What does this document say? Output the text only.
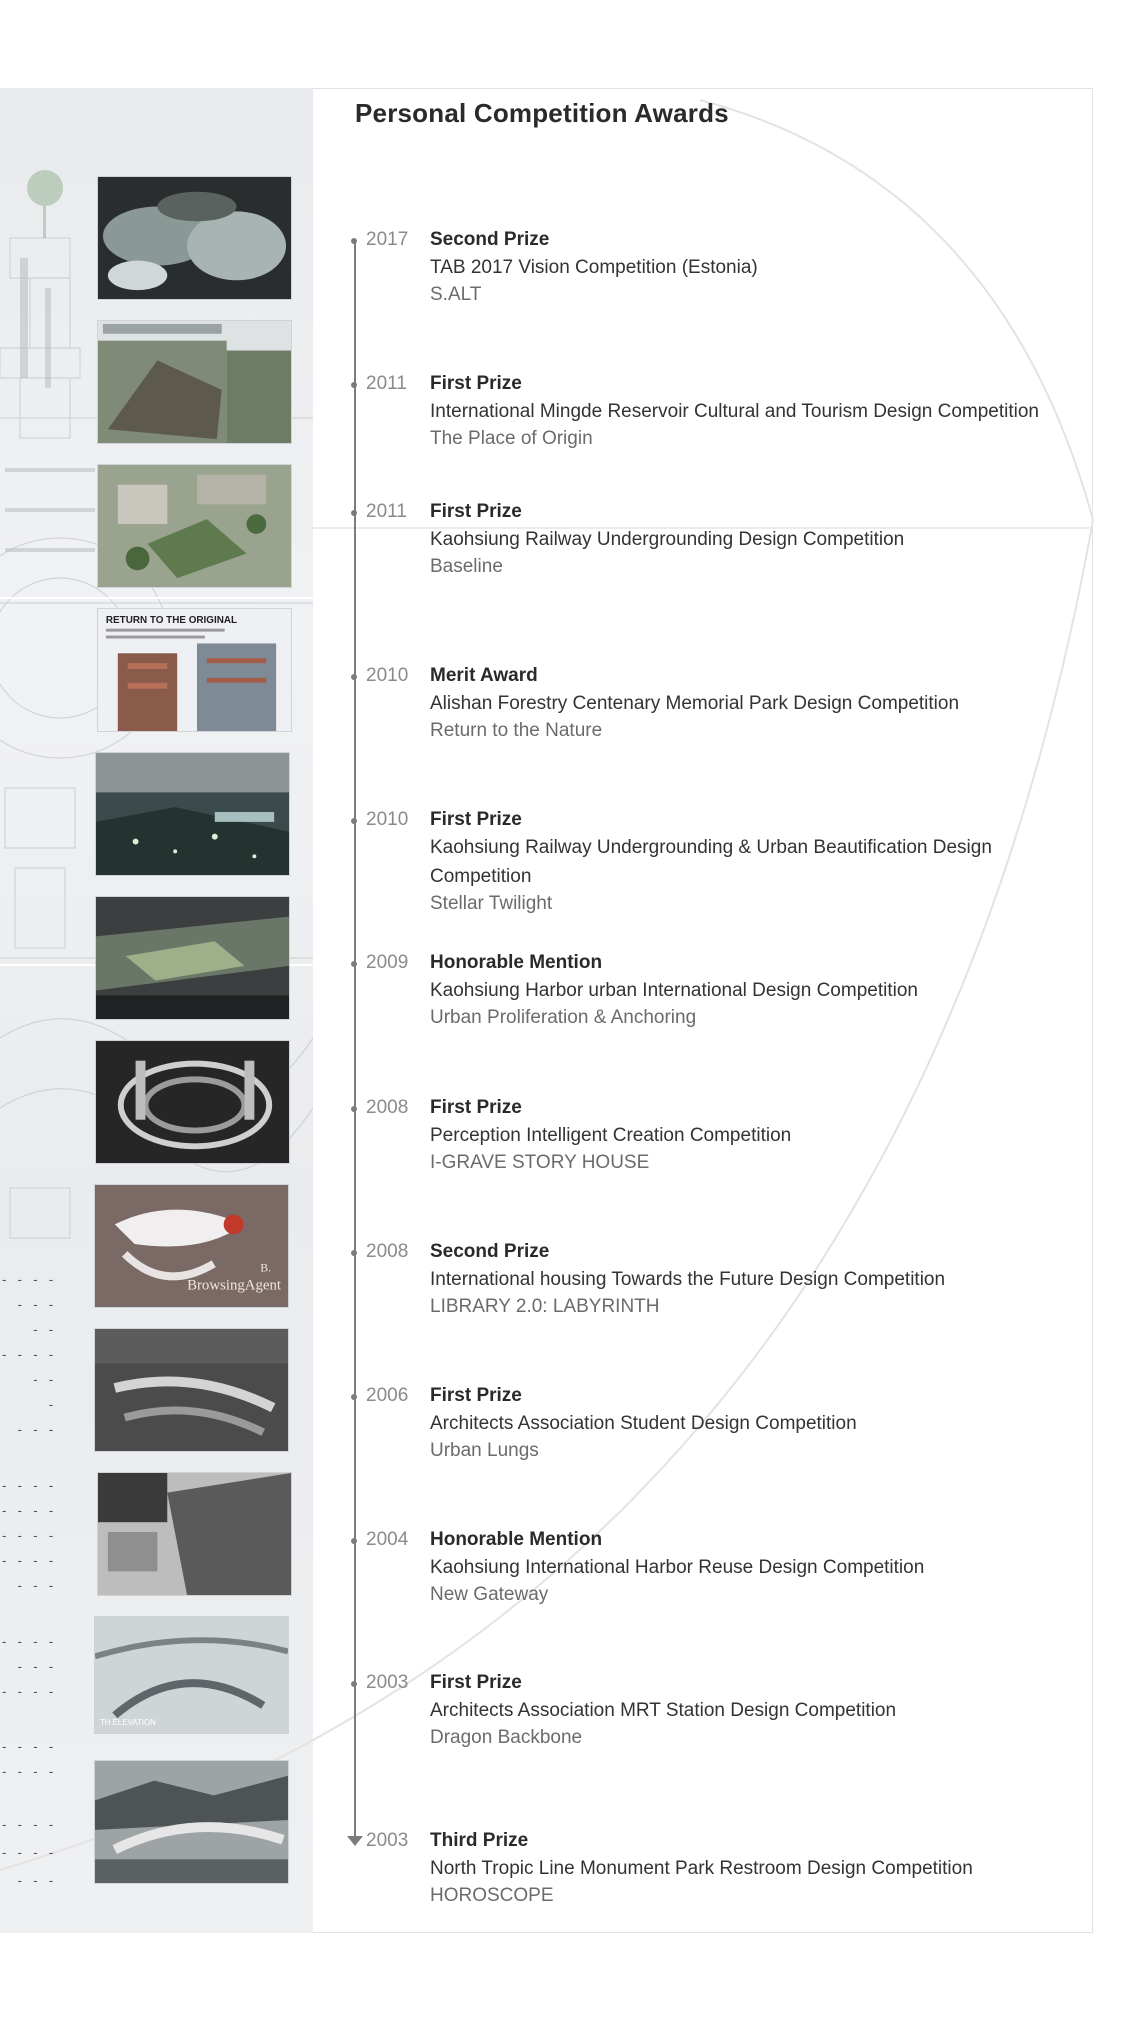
Personal Competition Awards
RETURN TO THE ORIGINAL
B.
BrowsingAgent
TH ELEVATION
- - - -
- - -
- -
- - - -
- -
-
- - -
- - - -
- - - -
- - - -
- - - -
- - -
- - - -
- - -
- - - -
- - - -
- - - -
- - - -
- - - -
- - -
2017 Second Prize
TAB 2017 Vision Competition (Estonia)
S.ALT
2011 First Prize
International Mingde Reservoir Cultural and Tourism Design Competition
The Place of Origin
2011 First Prize
Kaohsiung Railway Undergrounding Design Competition
Baseline
2010 Merit Award
Alishan Forestry Centenary Memorial Park Design Competition
Return to the Nature
2010 First Prize
Kaohsiung Railway Undergrounding & Urban Beautification Design Competition
Stellar Twilight
2009 Honorable Mention
Kaohsiung Harbor urban International Design Competition
Urban Proliferation & Anchoring
2008 First Prize
Perception Intelligent Creation Competition
I-GRAVE STORY HOUSE
2008 Second Prize
International housing Towards the Future Design Competition
LIBRARY 2.0: LABYRINTH
2006 First Prize
Architects Association Student Design Competition
Urban Lungs
2004 Honorable Mention
Kaohsiung International Harbor Reuse Design Competition
New Gateway
2003 First Prize
Architects Association MRT Station Design Competition
Dragon Backbone
2003 Third Prize
North Tropic Line Monument Park Restroom Design Competition
HOROSCOPE
